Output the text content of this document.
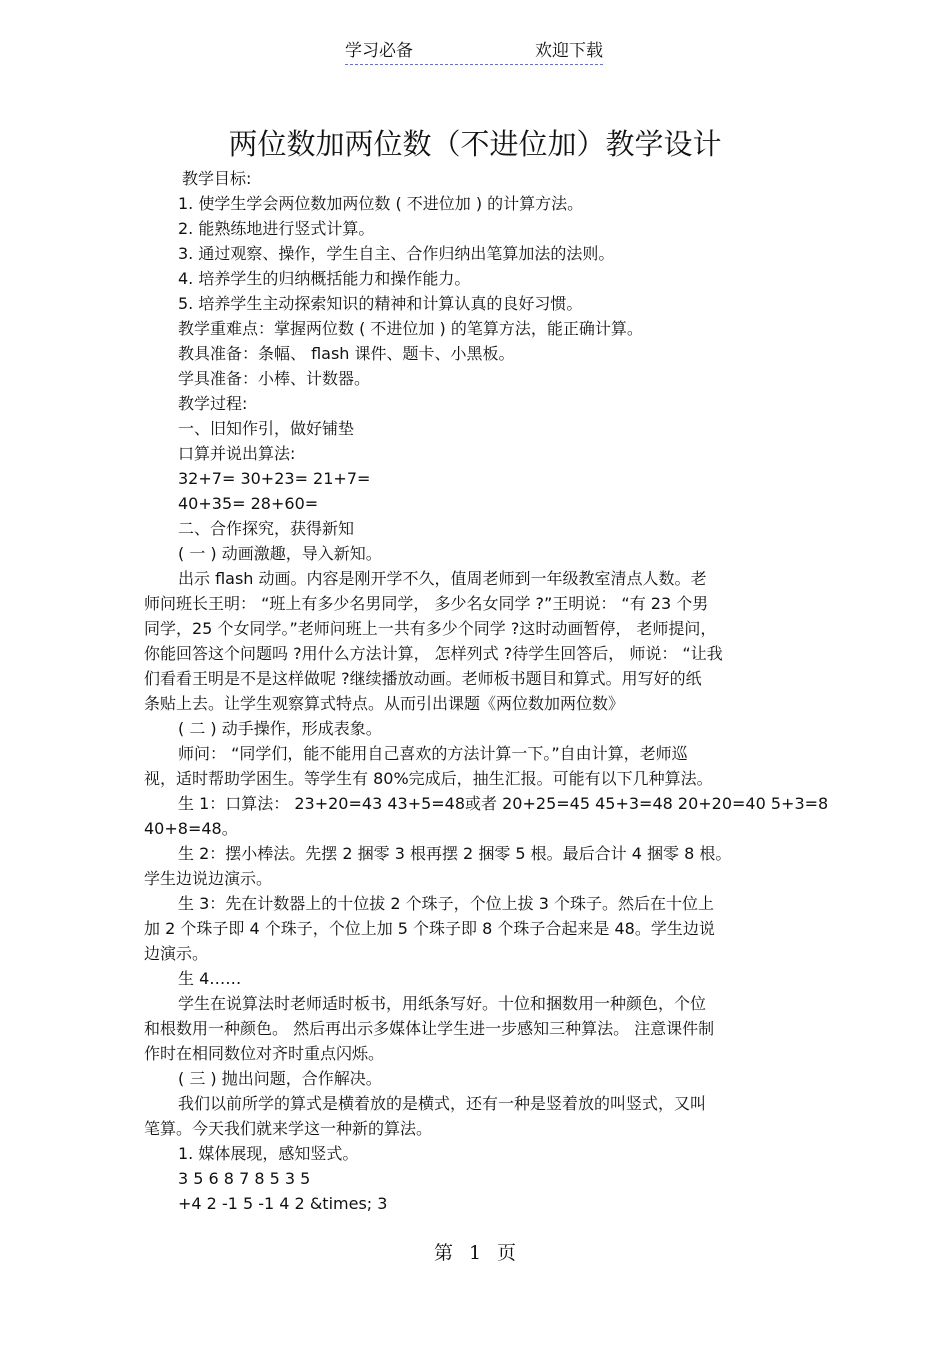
学习必备	欢迎下载
两位数加两位数（不进位加）教学设计

教学目标:

1. 使学生学会两位数加两位数 ( 不进位加 ) 的计算方法。

2. 能熟练地进行竖式计算。

3. 通过观察、操作，学生自主、合作归纳出笔算加法的法则。

4. 培养学生的归纳概括能力和操作能力。

5. 培养学生主动探索知识的精神和计算认真的良好习惯。

教学重难点：掌握两位数 ( 不进位加 ) 的笔算方法，能正确计算。

教具准备：条幅、 flash 课件、题卡、小黑板。

学具准备：小棒、计数器。

教学过程:

一、旧知作引，做好铺垫

口算并说出算法:

32+7= 30+23= 21+7=

40+35= 28+60=

二、合作探究，获得新知

( 一 ) 动画激趣，导入新知。

出示 flash 动画。内容是刚开学不久，值周老师到一年级教室清点人数。老

师问班长王明： “班上有多少名男同学， 多少名女同学 ?”王明说： “有 23 个男

同学，25 个女同学。”老师问班上一共有多少个同学 ?这时动画暂停， 老师提问，

你能回答这个问题吗 ?用什么方法计算， 怎样列式 ?待学生回答后， 师说： “让我

们看看王明是不是这样做呢 ?继续播放动画。老师板书题目和算式。用写好的纸

条贴上去。让学生观察算式特点。从而引出课题《两位数加两位数》

( 二 ) 动手操作，形成表象。

师问： “同学们，能不能用自己喜欢的方法计算一下。”自由计算，老师巡

视，适时帮助学困生。等学生有 80%完成后，抽生汇报。可能有以下几种算法。

生 1：口算法： 23+20=43 43+5=48或者 20+25=45 45+3=48 20+20=40 5+3=8

40+8=48。

生 2：摆小棒法。先摆 2 捆零 3 根再摆 2 捆零 5 根。最后合计 4 捆零 8 根。

学生边说边演示。

生 3：先在计数器上的十位拔 2 个珠子，个位上拔 3 个珠子。然后在十位上

加 2 个珠子即 4 个珠子，个位上加 5 个珠子即 8 个珠子合起来是 48。学生边说

边演示。

生 4……

学生在说算法时老师适时板书，用纸条写好。十位和捆数用一种颜色，个位

和根数用一种颜色。 然后再出示多媒体让学生进一步感知三种算法。 注意课件制

作时在相同数位对齐时重点闪烁。

( 三 ) 抛出问题，合作解决。

我们以前所学的算式是横着放的是横式，还有一种是竖着放的叫竖式，又叫

笔算。今天我们就来学这一种新的算法。

1. 媒体展现，感知竖式。

3 5 6 8 7 8 5 3 5

+4 2 -1 5 -1 4 2 &times; 3

第 1 页
